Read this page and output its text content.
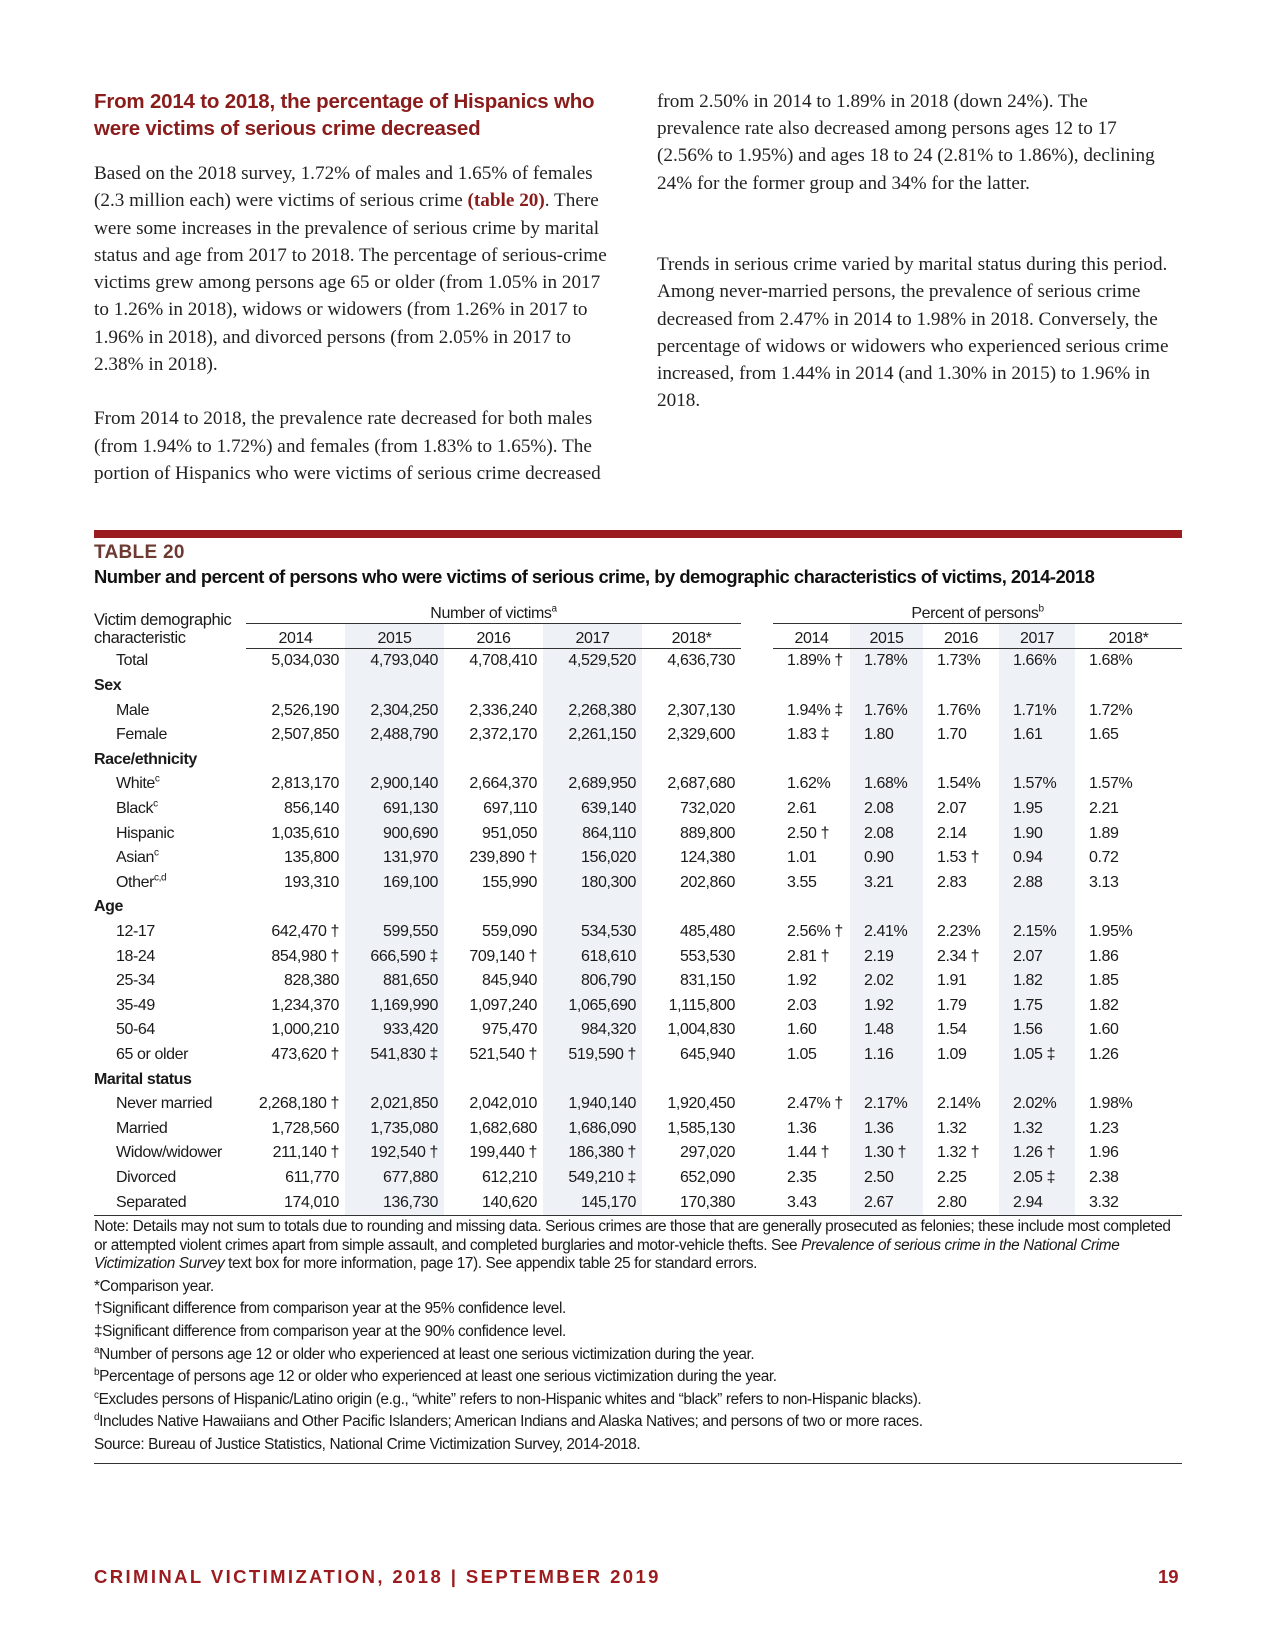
From 2014 to 2018, the percentage of Hispanics who were victims of serious crime decreased

Based on the 2018 survey, 1.72% of males and 1.65% of females (2.3 million each) were victims of serious crime (table 20). There were some increases in the prevalence of serious crime by marital status and age from 2017 to 2018. The percentage of serious-crime victims grew among persons age 65 or older (from 1.05% in 2017 to 1.26% in 2018), widows or widowers (from 1.26% in 2017 to 1.96% in 2018), and divorced persons (from 2.05% in 2017 to 2.38% in 2018).

From 2014 to 2018, the prevalence rate decreased for both males (from 1.94% to 1.72%) and females (from 1.83% to 1.65%). The portion of Hispanics who were victims of serious crime decreased

from 2.50% in 2014 to 1.89% in 2018 (down 24%). The prevalence rate also decreased among persons ages 12 to 17 (2.56% to 1.95%) and ages 18 to 24 (2.81% to 1.86%), declining 24% for the former group and 34% for the latter.

Trends in serious crime varied by marital status during this period. Among never-married persons, the prevalence of serious crime decreased from 2.47% in 2014 to 1.98% in 2018. Conversely, the percentage of widows or widowers who experienced serious crime increased, from 1.44% in 2014 (and 1.30% in 2015) to 1.96% in 2018.

TABLE 20
Number and percent of persons who were victims of serious crime, by demographic characteristics of victims, 2014-2018
Victim demographic characteristic	Number of victims$^a$						Percent of persons$^b$
	2014	2015	2016	2017	2018*		2014	2015	2016	2017	2018*
Total	5,034,030	4,793,040	4,708,410	4,529,520	4,636,730		1.89% †	1.78%	1.73%	1.66%	1.68%
Sex											
Male	2,526,190	2,304,250	2,336,240	2,268,380	2,307,130		1.94% ‡	1.76%	1.76%	1.71%	1.72%
Female	2,507,850	2,488,790	2,372,170	2,261,150	2,329,600		1.83 ‡	1.80	1.70	1.61	1.65
Race/ethnicity											
White$^c$	2,813,170	2,900,140	2,664,370	2,689,950	2,687,680		1.62%	1.68%	1.54%	1.57%	1.57%
Black$^c$	856,140	691,130	697,110	639,140	732,020		2.61	2.08	2.07	1.95	2.21
Hispanic	1,035,610	900,690	951,050	864,110	889,800		2.50 †	2.08	2.14	1.90	1.89
Asian$^c$	135,800	131,970	239,890 †	156,020	124,380		1.01	0.90	1.53 †	0.94	0.72
Other$^{c,d}$	193,310	169,100	155,990	180,300	202,860		3.55	3.21	2.83	2.88	3.13
Age											
12-17	642,470 †	599,550	559,090	534,530	485,480		2.56% †	2.41%	2.23%	2.15%	1.95%
18-24	854,980 †	666,590 ‡	709,140 †	618,610	553,530		2.81 †	2.19	2.34 †	2.07	1.86
25-34	828,380	881,650	845,940	806,790	831,150		1.92	2.02	1.91	1.82	1.85
35-49	1,234,370	1,169,990	1,097,240	1,065,690	1,115,800		2.03	1.92	1.79	1.75	1.82
50-64	1,000,210	933,420	975,470	984,320	1,004,830		1.60	1.48	1.54	1.56	1.60
65 or older	473,620 †	541,830 ‡	521,540 †	519,590 †	645,940		1.05	1.16	1.09	1.05 ‡	1.26
Marital status											
Never married	2,268,180 †	2,021,850	2,042,010	1,940,140	1,920,450		2.47% †	2.17%	2.14%	2.02%	1.98%
Married	1,728,560	1,735,080	1,682,680	1,686,090	1,585,130		1.36	1.36	1.32	1.32	1.23
Widow/widower	211,140 †	192,540 †	199,440 †	186,380 †	297,020		1.44 †	1.30 †	1.32 †	1.26 †	1.96
Divorced	611,770	677,880	612,210	549,210 ‡	652,090		2.35	2.50	2.25	2.05 ‡	2.38
Separated	174,010	136,730	140,620	145,170	170,380		3.43	2.67	2.80	2.94	3.32

Note: Details may not sum to totals due to rounding and missing data. Serious crimes are those that are generally prosecuted as felonies; these include most completed or attempted violent crimes apart from simple assault, and completed burglaries and motor-vehicle thefts. See Prevalence of serious crime in the National Crime Victimization Survey text box for more information, page 17). See appendix table 25 for standard errors.

*Comparison year.

†Significant difference from comparison year at the 95% confidence level.

‡Significant difference from comparison year at the 90% confidence level.

$^a$Number of persons age 12 or older who experienced at least one serious victimization during the year.

$^b$Percentage of persons age 12 or older who experienced at least one serious victimization during the year.

$^c$Excludes persons of Hispanic/Latino origin (e.g., “white” refers to non-Hispanic whites and “black” refers to non-Hispanic blacks).

$^d$Includes Native Hawaiians and Other Pacific Islanders; American Indians and Alaska Natives; and persons of two or more races.

Source: Bureau of Justice Statistics, National Crime Victimization Survey, 2014-2018.

CRIMINAL VICTIMIZATION, 2018 | SEPTEMBER 2019	19
